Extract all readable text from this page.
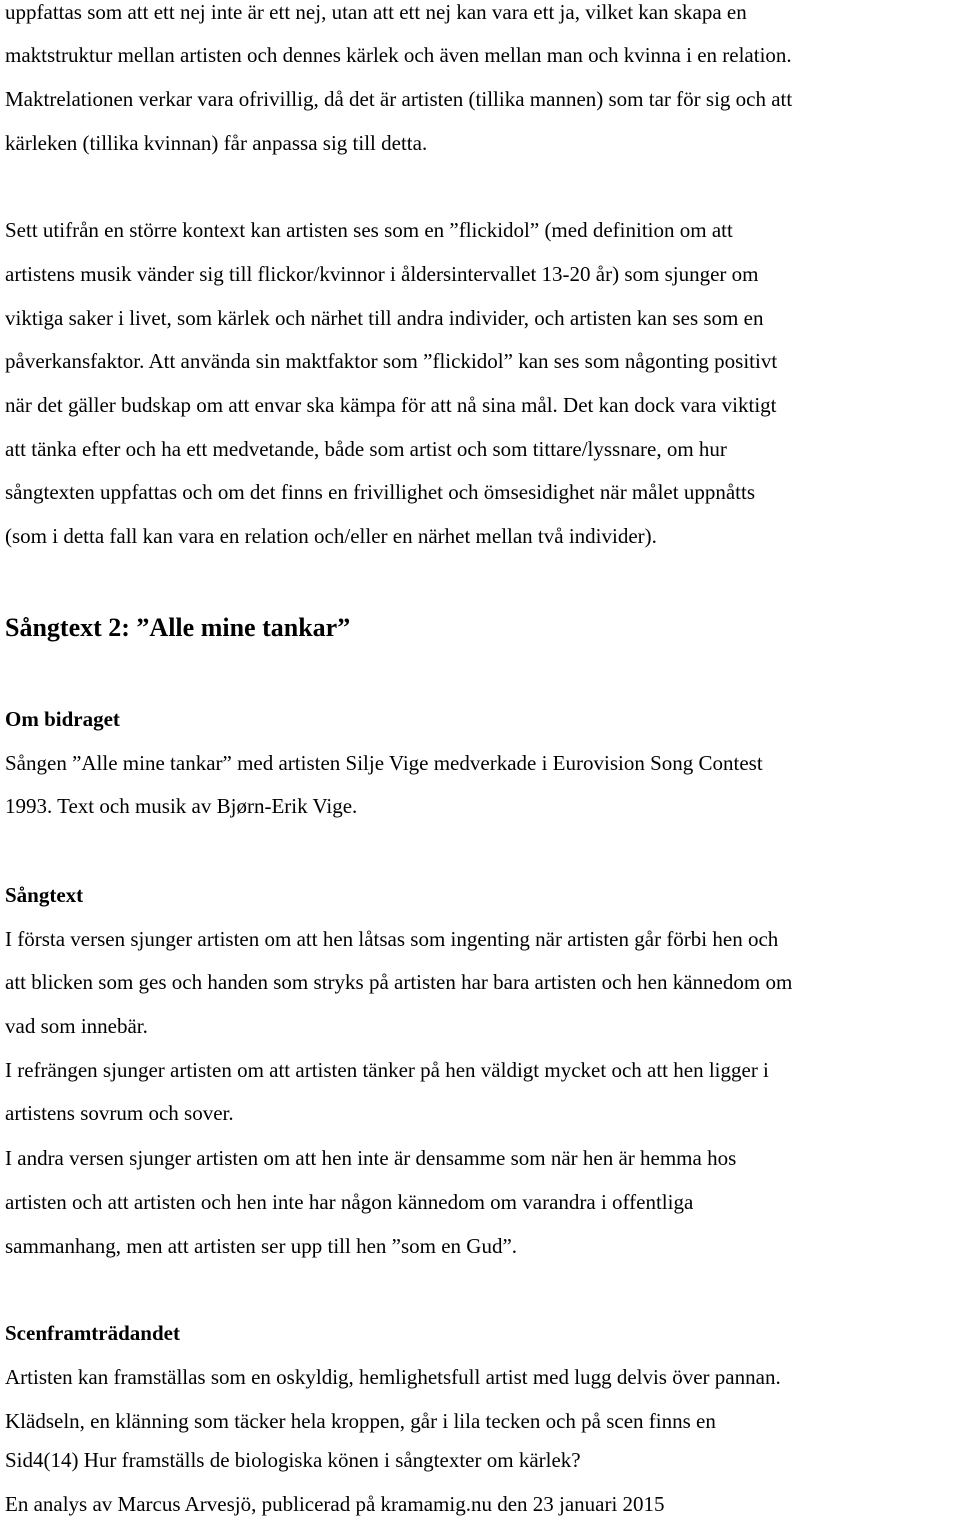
uppfattas som att ett nej inte är ett nej, utan att ett nej kan vara ett ja, vilket kan skapa en

maktstruktur mellan artisten och dennes kärlek och även mellan man och kvinna i en relation.

Maktrelationen verkar vara ofrivillig, då det är artisten (tillika mannen) som tar för sig och att

kärleken (tillika kvinnan) får anpassa sig till detta.

Sett utifrån en större kontext kan artisten ses som en ”flickidol” (med definition om att

artistens musik vänder sig till flickor/kvinnor i åldersintervallet 13-20 år) som sjunger om

viktiga saker i livet, som kärlek och närhet till andra individer, och artisten kan ses som en

påverkansfaktor. Att använda sin maktfaktor som ”flickidol” kan ses som någonting positivt

när det gäller budskap om att envar ska kämpa för att nå sina mål. Det kan dock vara viktigt

att tänka efter och ha ett medvetande, både som artist och som tittare/lyssnare, om hur

sångtexten uppfattas och om det finns en frivillighet och ömsesidighet när målet uppnåtts

(som i detta fall kan vara en relation och/eller en närhet mellan två individer).

Sångtext 2: ”Alle mine tankar”
Om bidraget

Sången ”Alle mine tankar” med artisten Silje Vige medverkade i Eurovision Song Contest

1993. Text och musik av Bjørn-Erik Vige.

Sångtext

I första versen sjunger artisten om att hen låtsas som ingenting när artisten går förbi hen och

att blicken som ges och handen som stryks på artisten har bara artisten och hen kännedom om

vad som innebär.

I refrängen sjunger artisten om att artisten tänker på hen väldigt mycket och att hen ligger i

artistens sovrum och sover.

I andra versen sjunger artisten om att hen inte är densamme som när hen är hemma hos

artisten och att artisten och hen inte har någon kännedom om varandra i offentliga

sammanhang, men att artisten ser upp till hen ”som en Gud”.

Scenframträdandet

Artisten kan framställas som en oskyldig, hemlighetsfull artist med lugg delvis över pannan.

Klädseln, en klänning som täcker hela kroppen, går i lila tecken och på scen finns en

Sid4(14) Hur framställs de biologiska könen i sångtexter om kärlek?

En analys av Marcus Arvesjö, publicerad på kramamig.nu den 23 januari 2015
